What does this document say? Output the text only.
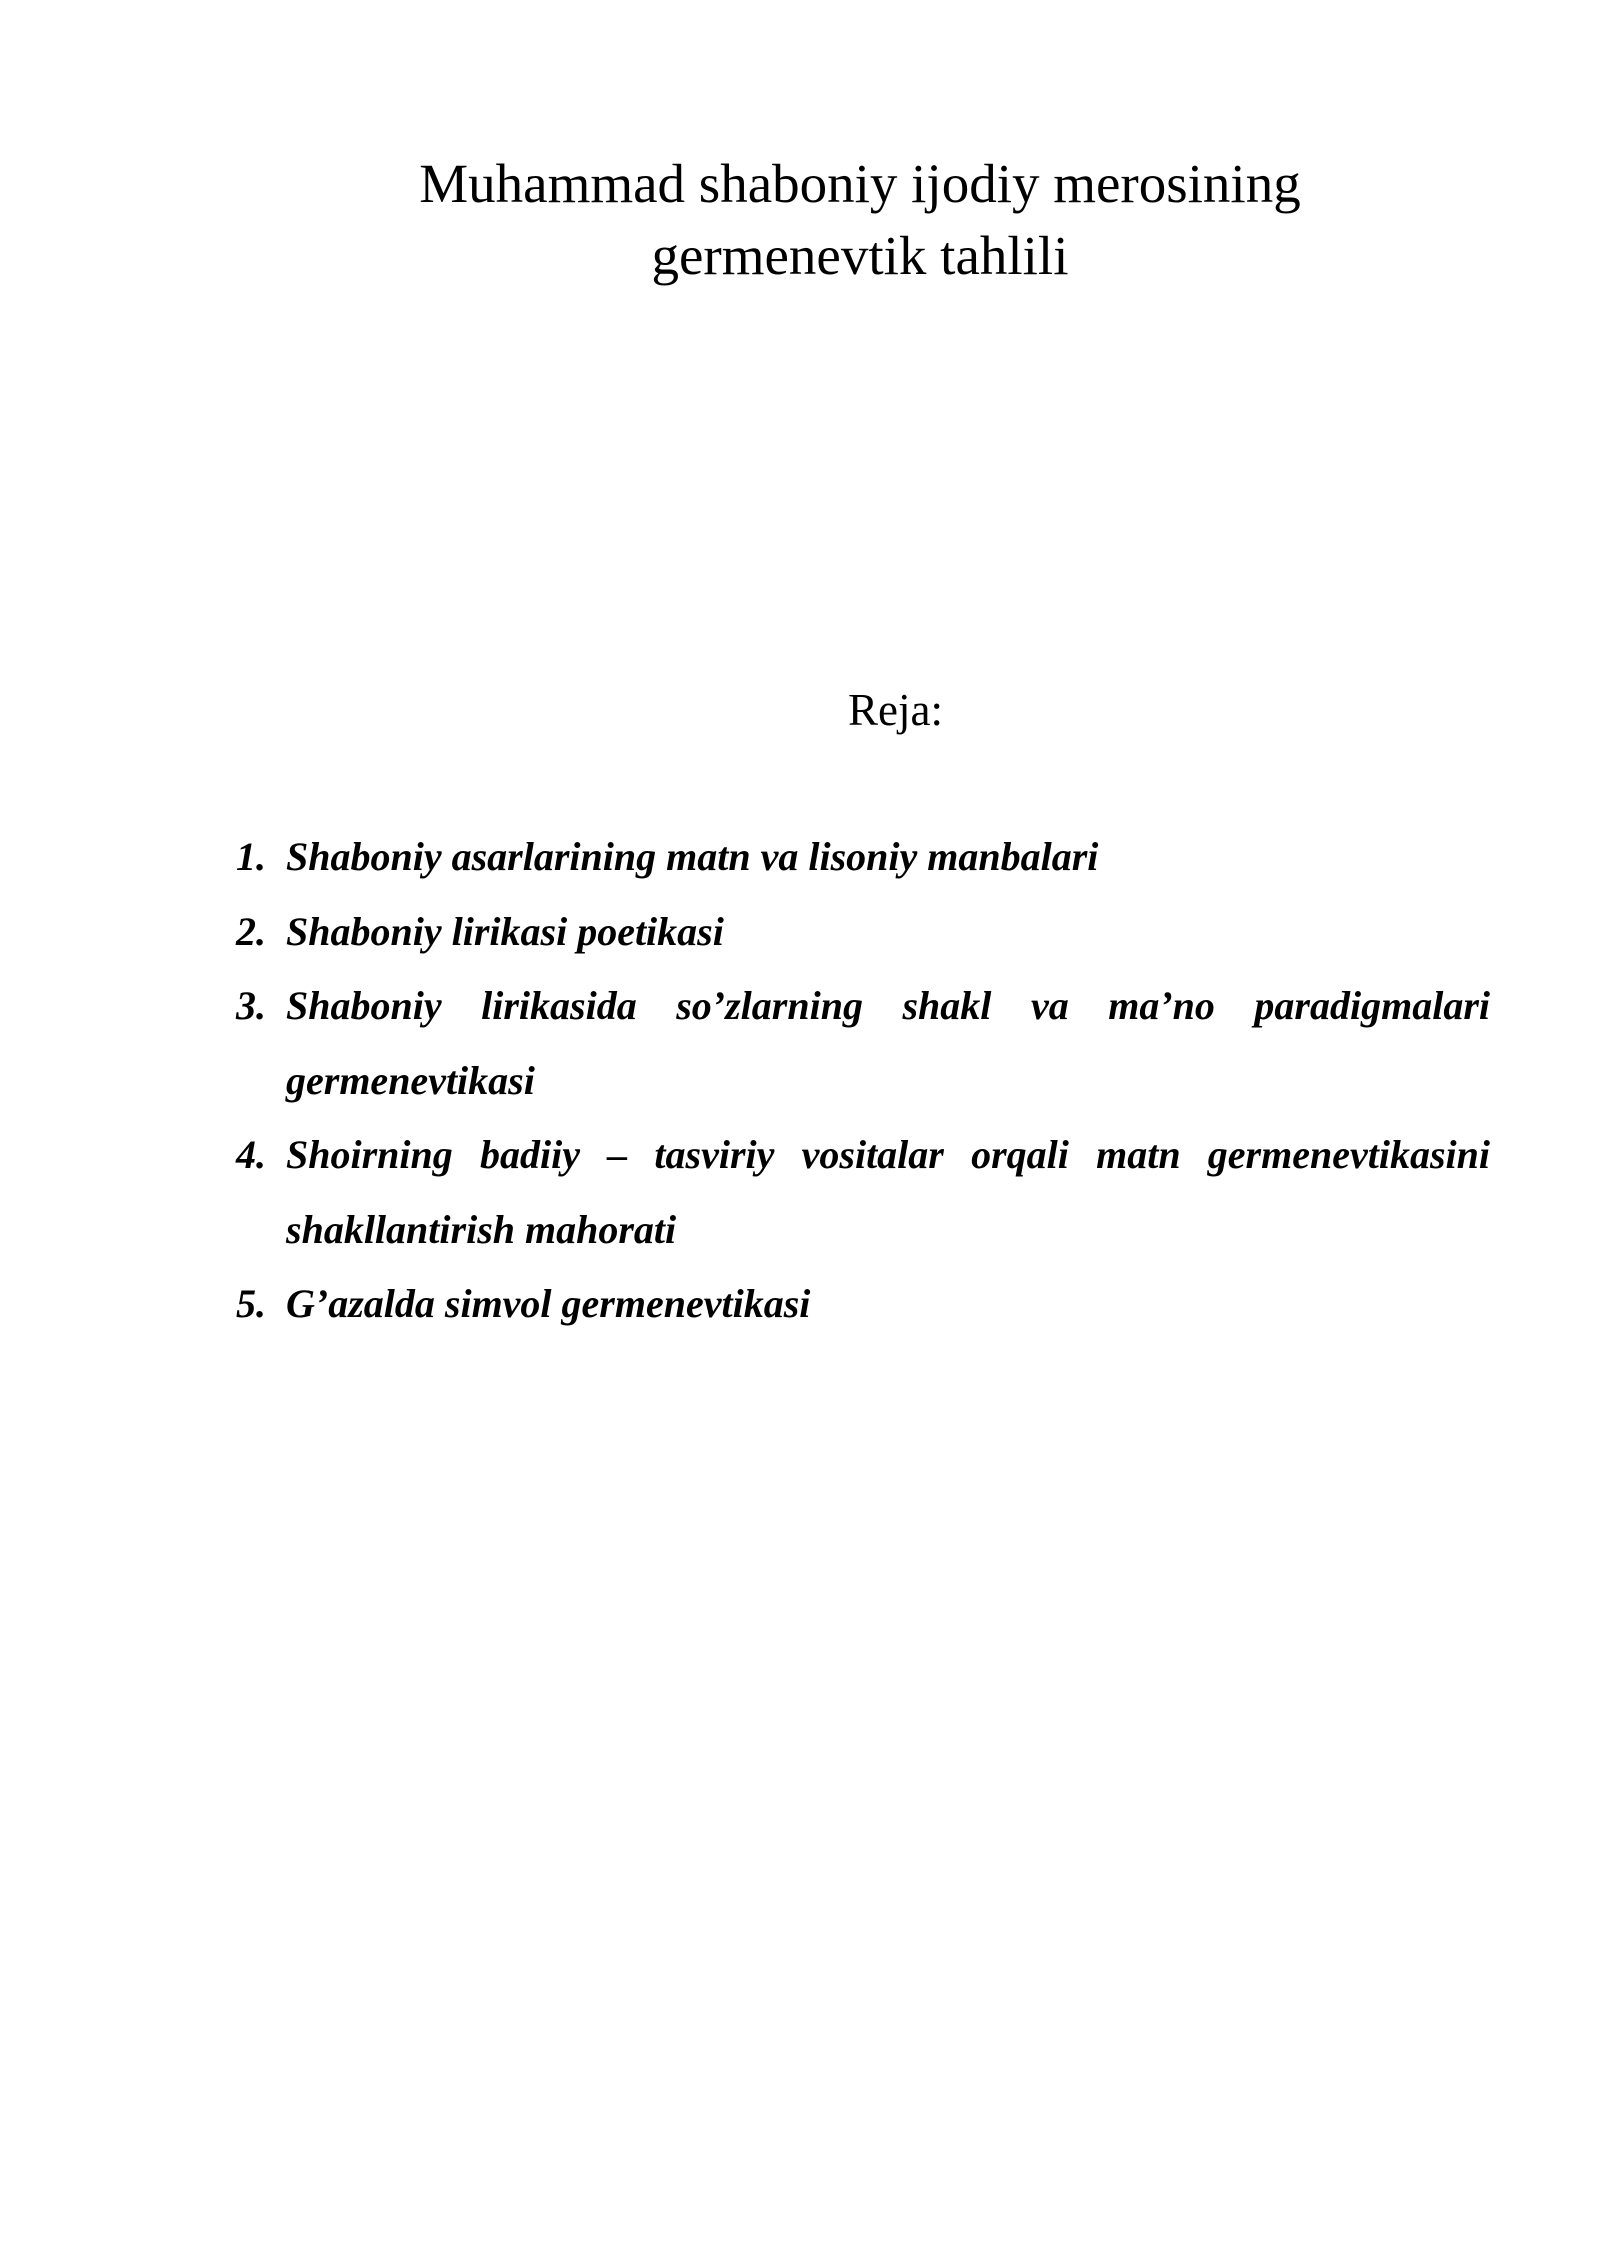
Muhammad shaboniy ijodiy merosining
germenevtik tahlili
Reja:
1. Shaboniy asarlarining matn va lisoniy manbalari
2. Shaboniy lirikasi poetikasi
3. Shaboniy lirikasida so’zlarning shakl va ma’no paradigmalari germenevtikasi
4. Shoirning badiiy – tasviriy vositalar orqali matn germenevtikasini shakllantirish mahorati
5. G’azalda simvol germenevtikasi
